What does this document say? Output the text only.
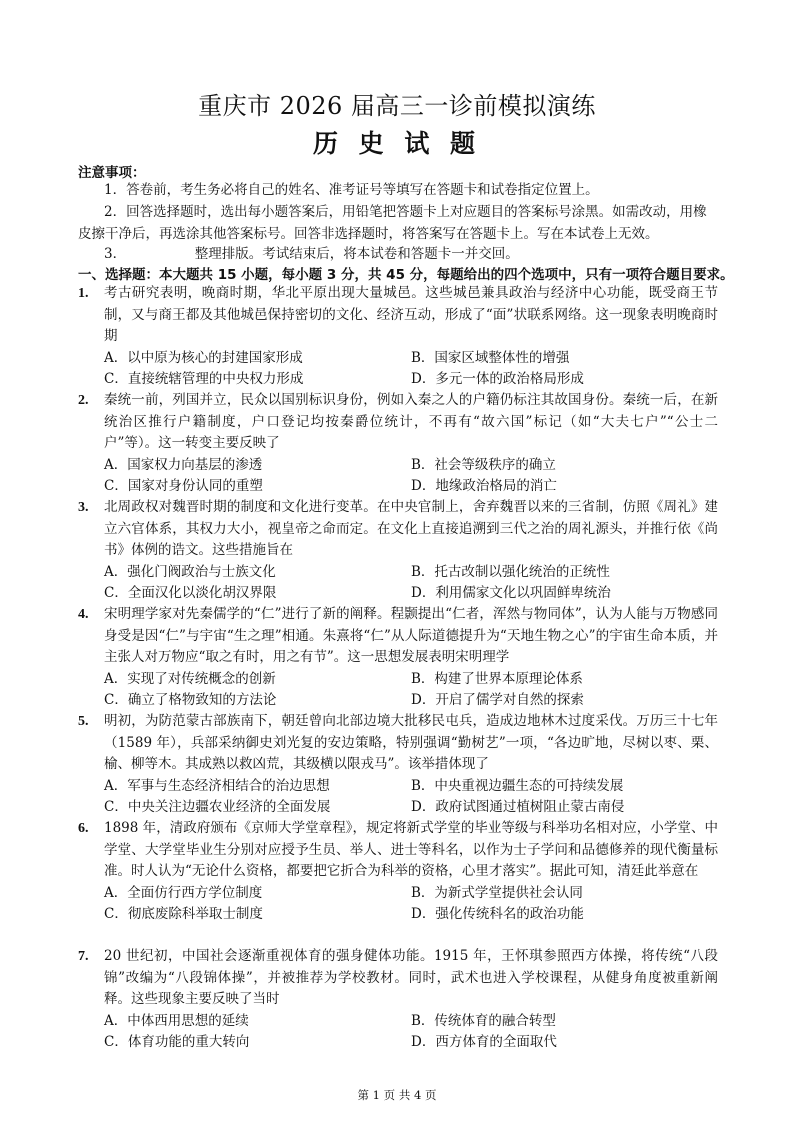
重庆市 2026 届高三一诊前模拟演练
历 史 试 题
注意事项：
1．答卷前，考生务必将自己的姓名、准考证号等填写在答题卡和试卷指定位置上。
2．回答选择题时，选出每小题答案后，用铅笔把答题卡上对应题目的答案标号涂黑。如需改动，用橡皮擦干净后，再选涂其他答案标号。回答非选择题时，将答案写在答题卡上。写在本试卷上无效。
3．                整理排版。考试结束后，将本试卷和答题卡一并交回。
一、选择题：本大题共 15 小题，每小题 3 分，共 45 分，每题给出的四个选项中，只有一项符合题目要求。
1. 考古研究表明，晚商时期，华北平原出现大量城邑。这些城邑兼具政治与经济中心功能，既受商王节制，又与商王都及其他城邑保持密切的文化、经济互动，形成了“面”状联系网络。这一现象表明晚商时期
A．以中原为核心的封建国家形成	B．国家区域整体性的增强
C．直接统辖管理的中央权力形成	D．多元一体的政治格局形成
2. 秦统一前，列国并立，民众以国别标识身份，例如入秦之人的户籍仍标注其故国身份。秦统一后，在新统治区推行户籍制度，户口登记均按秦爵位统计，不再有“故六国”标记（如“大夫七户”“公士二户”等）。这一转变主要反映了
A．国家权力向基层的渗透	B．社会等级秩序的确立
C．国家对身份认同的重塑	D．地缘政治格局的消亡
3. 北周政权对魏晋时期的制度和文化进行变革。在中央官制上，舍弃魏晋以来的三省制，仿照《周礼》建立六官体系，其权力大小，视皇帝之命而定。在文化上直接追溯到三代之治的周礼源头，并推行依《尚书》体例的诰文。这些措施旨在
A．强化门阀政治与士族文化	B．托古改制以强化统治的正统性
C．全面汉化以淡化胡汉界限	D．利用儒家文化以巩固鲜卑统治
4. 宋明理学家对先秦儒学的“仁”进行了新的阐释。程颢提出“仁者，浑然与物同体”，认为人能与万物感同身受是因“仁”与宇宙“生之理”相通。朱熹将“仁”从人际道德提升为“天地生物之心”的宇宙生命本质，并主张人对万物应“取之有时，用之有节”。这一思想发展表明宋明理学
A．实现了对传统概念的创新	B．构建了世界本原理论体系
C．确立了格物致知的方法论	D．开启了儒学对自然的探索
5. 明初，为防范蒙古部族南下，朝廷曾向北部边境大批移民屯兵，造成边地林木过度采伐。万历三十七年（1589 年），兵部采纳御史刘光复的安边策略，特别强调“勤树艺”一项，“各边旷地，尽树以枣、栗、榆、柳等木。其成熟以救凶荒，其级横以限戎马”。该举措体现了
A．军事与生态经济相结合的治边思想	B．中央重视边疆生态的可持续发展
C．中央关注边疆农业经济的全面发展	D．政府试图通过植树阻止蒙古南侵
6. 1898 年，清政府颁布《京师大学堂章程》，规定将新式学堂的毕业等级与科举功名相对应，小学堂、中学堂、大学堂毕业生分别对应授予生员、举人、进士等科名，以作为士子学问和品德修养的现代衡量标准。时人认为“无论什么资格，都要把它折合为科举的资格，心里才落实”。据此可知，清廷此举意在
A．全面仿行西方学位制度	B．为新式学堂提供社会认同
C．彻底废除科举取士制度	D．强化传统科名的政治功能
7. 20 世纪初，中国社会逐渐重视体育的强身健体功能。1915 年，王怀琪参照西方体操，将传统“八段锦”改编为“八段锦体操”，并被推荐为学校教材。同时，武术也进入学校课程，从健身角度被重新阐释。这些现象主要反映了当时
A．中体西用思想的延续	B．传统体育的融合转型
C．体育功能的重大转向	D．西方体育的全面取代
第 1 页 共 4 页
